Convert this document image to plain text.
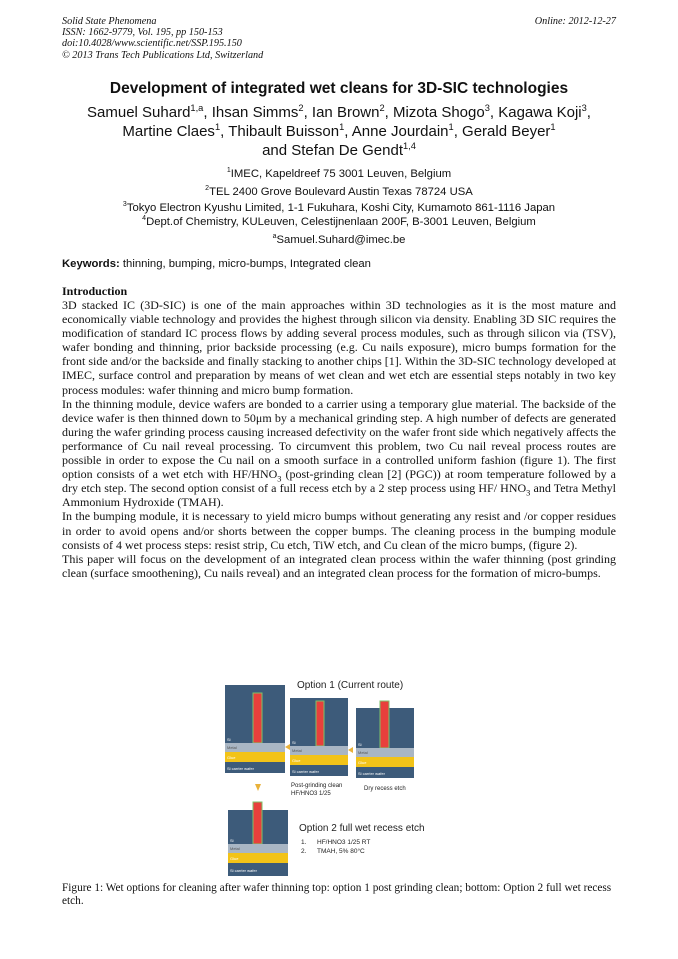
Solid State Phenomena
ISSN: 1662-9779, Vol. 195, pp 150-153
doi:10.4028/www.scientific.net/SSP.195.150
© 2013 Trans Tech Publications Ltd, Switzerland
Online: 2012-12-27
Development of integrated wet cleans for 3D-SIC technologies
Samuel Suhard$^{1,a}$, Ihsan Simms$^2$, Ian Brown$^2$, Mizota Shogo$^3$, Kagawa Koji$^3$,
Martine Claes$^1$, Thibault Buisson$^1$, Anne Jourdain$^1$, Gerald Beyer$^1$
and Stefan De Gendt$^{1,4}$
$^1$IMEC, Kapeldreef 75 3001 Leuven, Belgium
$^2$TEL 2400 Grove Boulevard Austin Texas 78724 USA
$^3$Tokyo Electron Kyushu Limited, 1-1 Fukuhara, Koshi City, Kumamoto 861-1116 Japan
$^4$Dept.of Chemistry, KULeuven, Celestijnenlaan 200F, B-3001 Leuven, Belgium
$^a$Samuel.Suhard@imec.be
Keywords: thinning, bumping, micro-bumps, Integrated clean
Introduction

3D stacked IC (3D-SIC) is one of the main approaches within 3D technologies as it is the most mature and economically viable technology and provides the highest through silicon via density. Enabling 3D SIC requires the modification of standard IC process flows by adding several process modules, such as through silicon via (TSV), wafer bonding and thinning, prior backside processing (e.g. Cu nails exposure), micro bumps formation for the front side and/or the backside and finally stacking to another chips [1]. Within the 3D-SIC technology developed at IMEC, surface control and preparation by means of wet clean and wet etch are essential steps notably in two key process modules: wafer thinning and micro bump formation.

In the thinning module, device wafers are bonded to a carrier using a temporary glue material. The backside of the device wafer is then thinned down to 50μm by a mechanical grinding step. A high number of defects are generated during the wafer grinding process causing increased defectivity on the wafer front side which negatively affects the performance of Cu nail reveal processing. To circumvent this problem, two Cu nail reveal process routes are possible in order to expose the Cu nail on a smooth surface in a controlled uniform fashion (figure 1). The first option consists of a wet etch with $HF/HNO_3$ (post-grinding clean [2] (PGC)) at room temperature followed by a dry etch step. The second option consist of a full recess etch by a 2 step process using HF/ $HNO_3$ and Tetra Methyl Ammonium Hydroxide (TMAH).

In the bumping module, it is necessary to yield micro bumps without generating any resist and /or copper residues in order to avoid opens and/or shorts between the copper bumps. The cleaning process in the bumping module consists of 4 wet process steps: resist strip, Cu etch, TiW etch, and Cu clean of the micro bumps, (figure 2).

This paper will focus on the development of an integrated clean process within the wafer thinning (post grinding clean (surface smoothening), Cu nails reveal) and an integrated clean process for the formation of micro-bumps.

Option 1 (Current route)
Si
Metal
Glue
Si carrier wafer
Si
Metal
Glue
Si carrier wafer
Post-grinding clean
HF/HNO3 1/25
Si
Metal
Glue
Si carrier wafer
Dry recess etch
Si
Metal
Glue
Si carrier wafer
Option 2 full wet recess etch
1. HF/HNO3 1/25 RT
2. TMAH, 5% 80°C
Figure 1: Wet options for cleaning after wafer thinning top: option 1 post grinding clean; bottom: Option 2 full wet recess etch.
